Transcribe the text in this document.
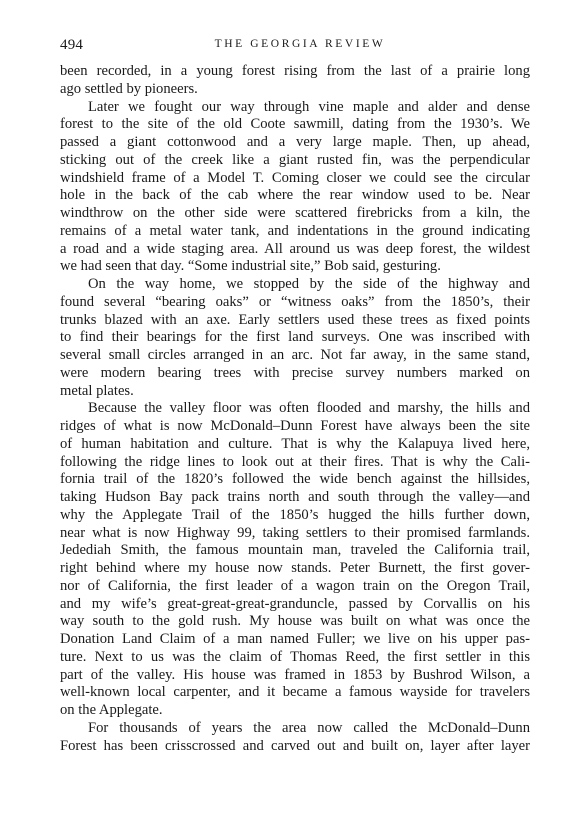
494	THE GEORGIA REVIEW
been recorded, in a young forest rising from the last of a prairie long
ago settled by pioneers.
Later we fought our way through vine maple and alder and dense
forest to the site of the old Coote sawmill, dating from the 1930’s. We
passed a giant cottonwood and a very large maple. Then, up ahead,
sticking out of the creek like a giant rusted fin, was the perpendicular
windshield frame of a Model T. Coming closer we could see the circular
hole in the back of the cab where the rear window used to be. Near
windthrow on the other side were scattered firebricks from a kiln, the
remains of a metal water tank, and indentations in the ground indicating
a road and a wide staging area. All around us was deep forest, the wildest
we had seen that day. “Some industrial site,” Bob said, gesturing.
On the way home, we stopped by the side of the highway and
found several “bearing oaks” or “witness oaks” from the 1850’s, their
trunks blazed with an axe. Early settlers used these trees as fixed points
to find their bearings for the first land surveys. One was inscribed with
several small circles arranged in an arc. Not far away, in the same stand,
were modern bearing trees with precise survey numbers marked on
metal plates.
Because the valley floor was often flooded and marshy, the hills and
ridges of what is now McDonald–Dunn Forest have always been the site
of human habitation and culture. That is why the Kalapuya lived here,
following the ridge lines to look out at their fires. That is why the Cali-
fornia trail of the 1820’s followed the wide bench against the hillsides,
taking Hudson Bay pack trains north and south through the valley—and
why the Applegate Trail of the 1850’s hugged the hills further down,
near what is now Highway 99, taking settlers to their promised farmlands.
Jedediah Smith, the famous mountain man, traveled the California trail,
right behind where my house now stands. Peter Burnett, the first gover-
nor of California, the first leader of a wagon train on the Oregon Trail,
and my wife’s great-great-great-granduncle, passed by Corvallis on his
way south to the gold rush. My house was built on what was once the
Donation Land Claim of a man named Fuller; we live on his upper pas-
ture. Next to us was the claim of Thomas Reed, the first settler in this
part of the valley. His house was framed in 1853 by Bushrod Wilson, a
well-known local carpenter, and it became a famous wayside for travelers
on the Applegate.
For thousands of years the area now called the McDonald–Dunn
Forest has been crisscrossed and carved out and built on, layer after layer
